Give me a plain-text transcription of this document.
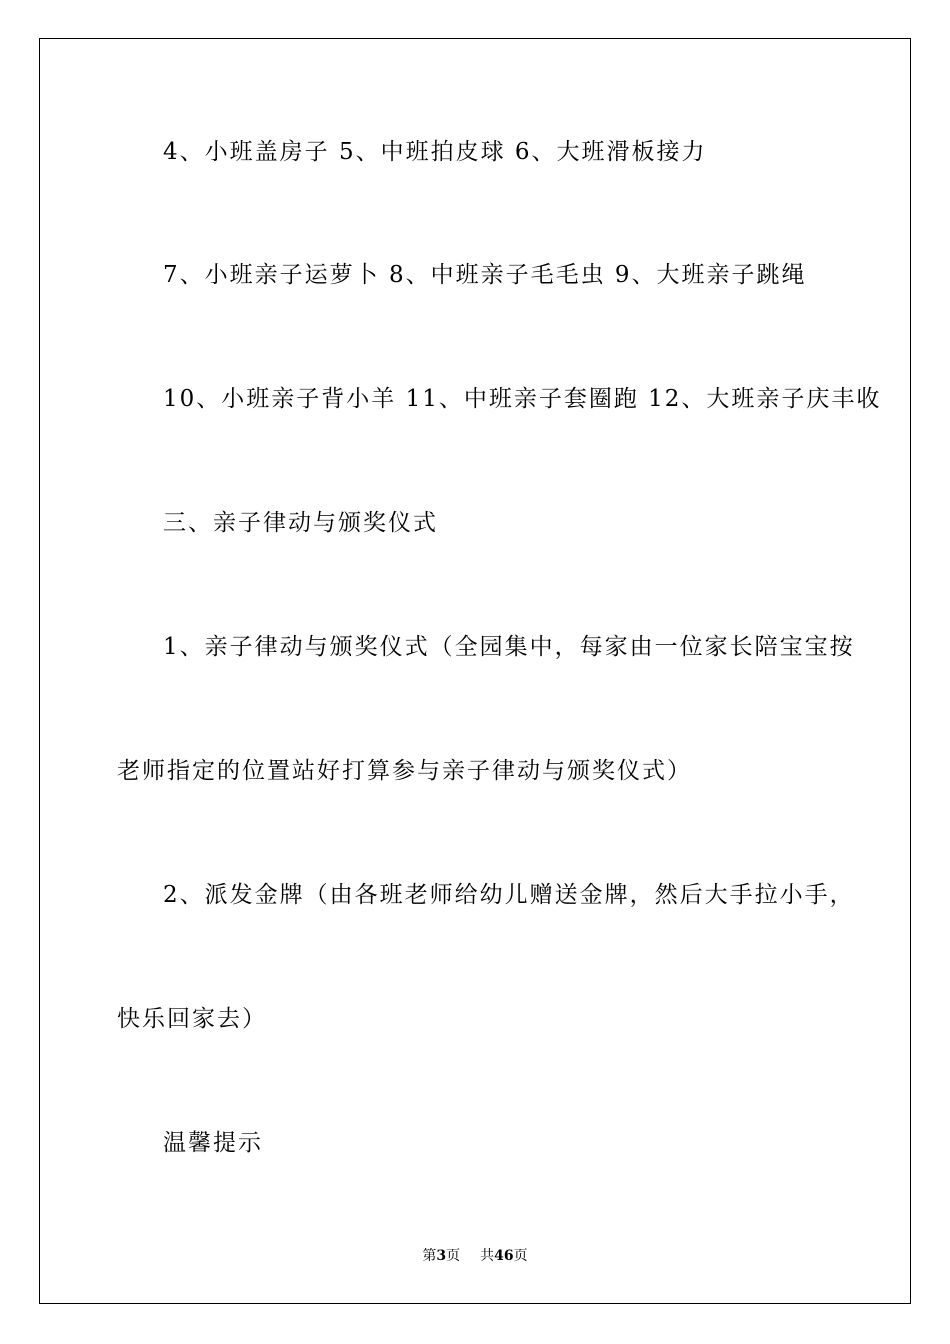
4、小班盖房子 5、中班拍皮球 6、大班滑板接力
7、小班亲子运萝卜 8、中班亲子毛毛虫 9、大班亲子跳绳
10、小班亲子背小羊 11、中班亲子套圈跑 12、大班亲子庆丰收
三、亲子律动与颁奖仪式
1、亲子律动与颁奖仪式（全园集中，每家由一位家长陪宝宝按
老师指定的位置站好打算参与亲子律动与颁奖仪式）
2、派发金牌（由各班老师给幼儿赠送金牌，然后大手拉小手，
快乐回家去）
温馨提示
第3页 共46页
